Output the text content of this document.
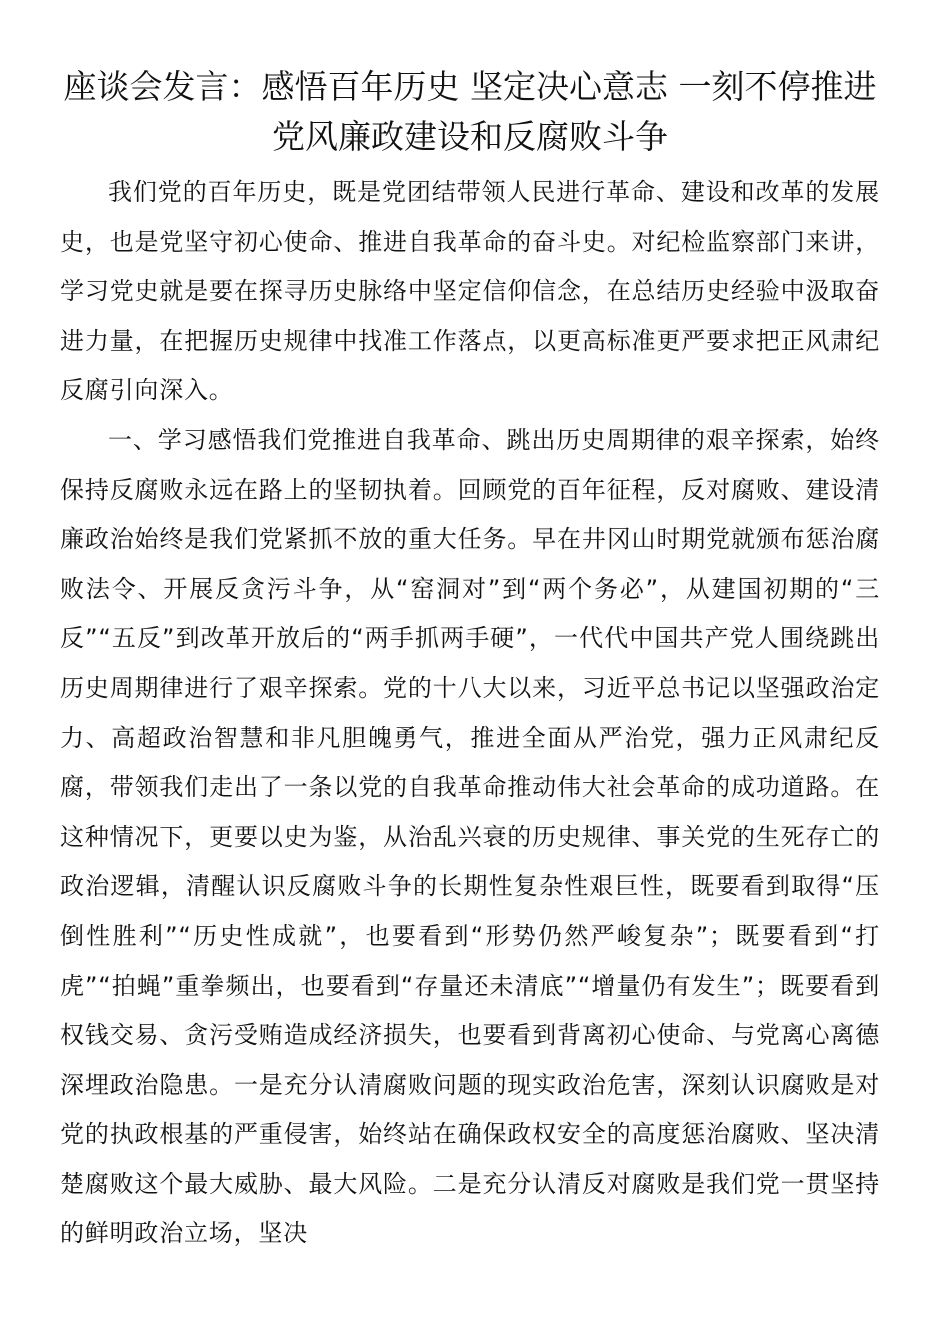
座谈会发言：感悟百年历史 坚定决心意志 一刻不停推进党风廉政建设和反腐败斗争

我们党的百年历史，既是党团结带领人民进行革命、建设和改革的发展史，也是党坚守初心使命、推进自我革命的奋斗史。对纪检监察部门来讲，学习党史就是要在探寻历史脉络中坚定信仰信念，在总结历史经验中汲取奋进力量，在把握历史规律中找准工作落点，以更高标准更严要求把正风肃纪反腐引向深入。

一、学习感悟我们党推进自我革命、跳出历史周期律的艰辛探索，始终保持反腐败永远在路上的坚韧执着。回顾党的百年征程，反对腐败、建设清廉政治始终是我们党紧抓不放的重大任务。早在井冈山时期党就颁布惩治腐败法令、开展反贪污斗争，从“窑洞对”到“两个务必”，从建国初期的“三反”“五反”到改革开放后的“两手抓两手硬”，一代代中国共产党人围绕跳出历史周期律进行了艰辛探索。党的十八大以来，习近平总书记以坚强政治定力、高超政治智慧和非凡胆魄勇气，推进全面从严治党，强力正风肃纪反腐，带领我们走出了一条以党的自我革命推动伟大社会革命的成功道路。在这种情况下，更要以史为鉴，从治乱兴衰的历史规律、事关党的生死存亡的政治逻辑，清醒认识反腐败斗争的长期性复杂性艰巨性，既要看到取得“压倒性胜利”“历史性成就”，也要看到“形势仍然严峻复杂”；既要看到“打虎”“拍蝇”重拳频出，也要看到“存量还未清底”“增量仍有发生”；既要看到权钱交易、贪污受贿造成经济损失，也要看到背离初心使命、与党离心离德深埋政治隐患。一是充分认清腐败问题的现实政治危害，深刻认识腐败是对党的执政根基的严重侵害，始终站在确保政权安全的高度惩治腐败、坚决清楚腐败这个最大威胁、最大风险。二是充分认清反对腐败是我们党一贯坚持的鲜明政治立场，坚决
